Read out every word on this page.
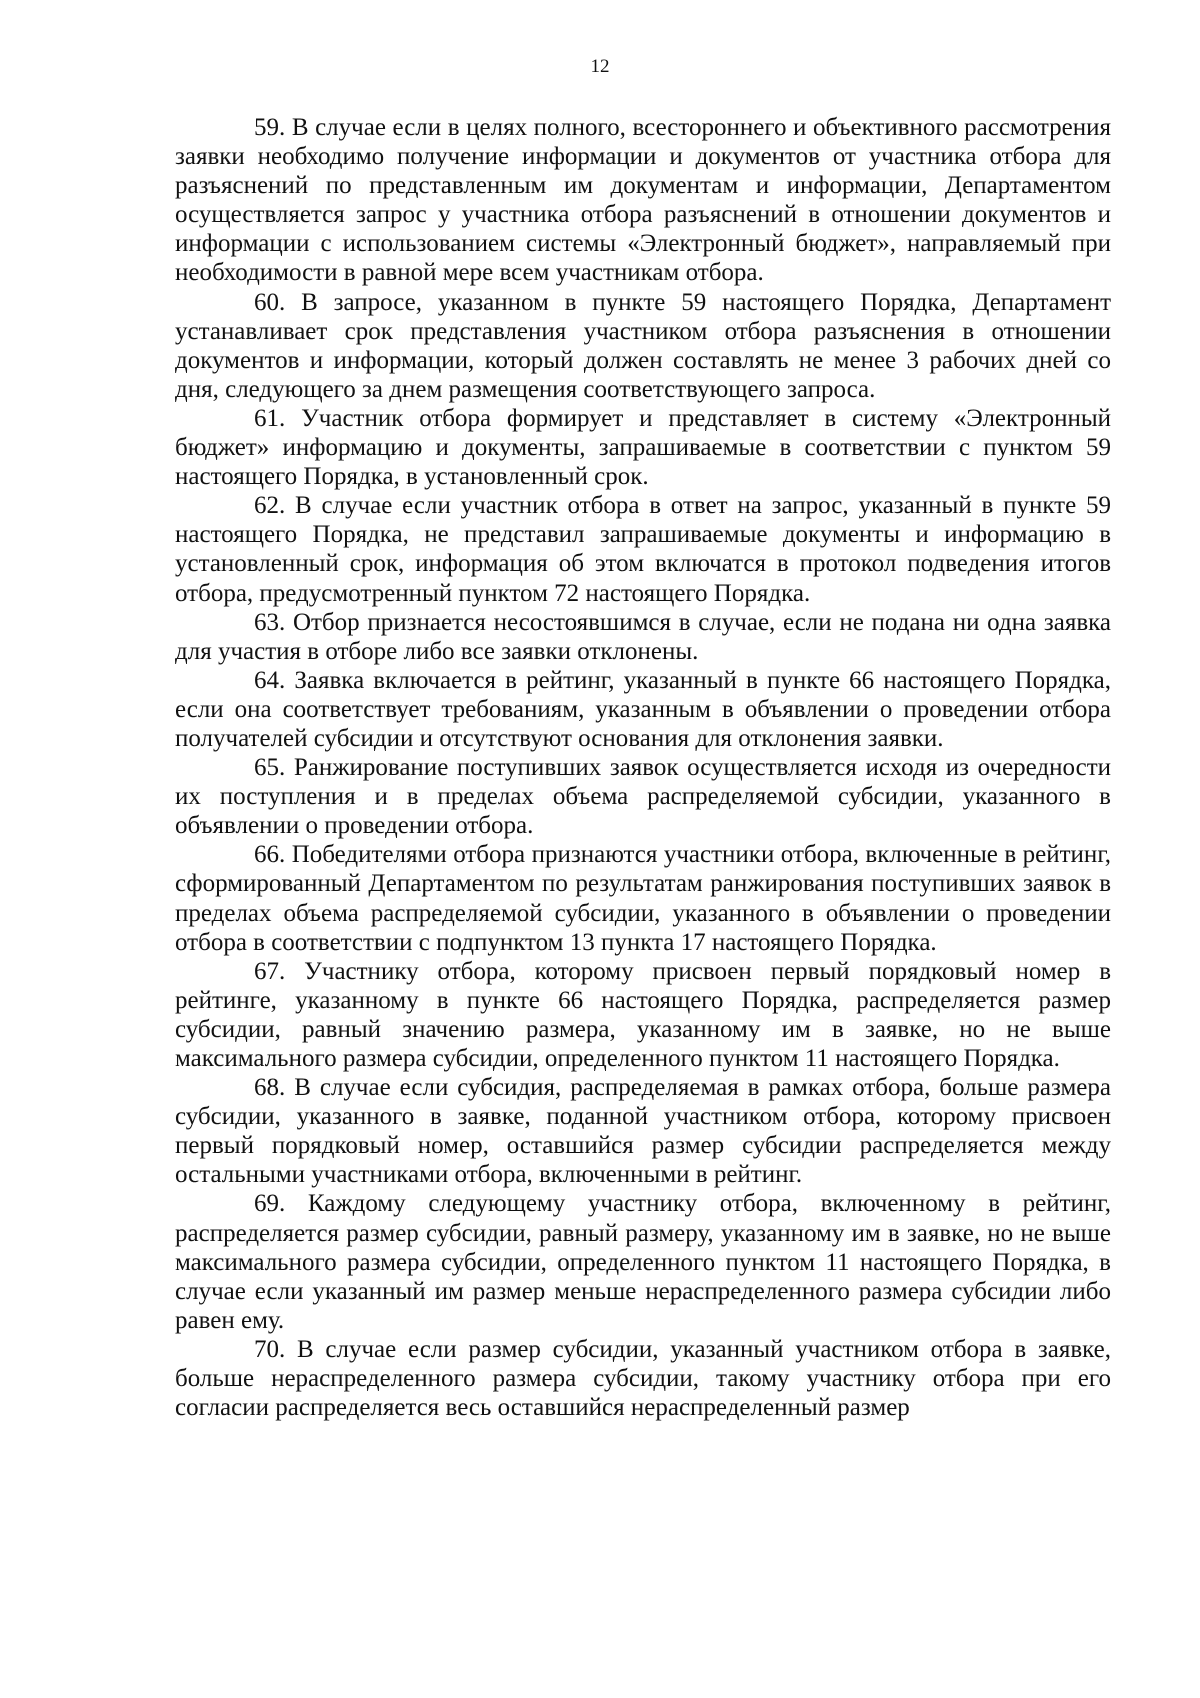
12

59. В случае если в целях полного, всестороннего и объективного рассмотрения заявки необходимо получение информации и документов от участника отбора для разъяснений по представленным им документам и информации, Департаментом осуществляется запрос у участника отбора разъяснений в отношении документов и информации с использованием системы «Электронный бюджет», направляемый при необходимости в равной мере всем участникам отбора.

60. В запросе, указанном в пункте 59 настоящего Порядка, Департамент устанавливает срок представления участником отбора разъяснения в отношении документов и информации, который должен составлять не менее 3 рабочих дней со дня, следующего за днем размещения соответствующего запроса.

61. Участник отбора формирует и представляет в систему «Электронный бюджет» информацию и документы, запрашиваемые в соответствии с пунктом 59 настоящего Порядка, в установленный срок.

62. В случае если участник отбора в ответ на запрос, указанный в пункте 59 настоящего Порядка, не представил запрашиваемые документы и информацию в установленный срок, информация об этом включатся в протокол подведения итогов отбора, предусмотренный пунктом 72 настоящего Порядка.

63. Отбор признается несостоявшимся в случае, если не подана ни одна заявка для участия в отборе либо все заявки отклонены.

64. Заявка включается в рейтинг, указанный в пункте 66 настоящего Порядка, если она соответствует требованиям, указанным в объявлении о проведении отбора получателей субсидии и отсутствуют основания для отклонения заявки.

65. Ранжирование поступивших заявок осуществляется исходя из очередности их поступления и в пределах объема распределяемой субсидии, указанного в объявлении о проведении отбора.

66. Победителями отбора признаются участники отбора, включенные в рейтинг, сформированный Департаментом по результатам ранжирования поступивших заявок в пределах объема распределяемой субсидии, указанного в объявлении о проведении отбора в соответствии с подпунктом 13 пункта 17 настоящего Порядка.

67. Участнику отбора, которому присвоен первый порядковый номер в рейтинге, указанному в пункте 66 настоящего Порядка, распределяется размер субсидии, равный значению размера, указанному им в заявке, но не выше максимального размера субсидии, определенного пунктом 11 настоящего Порядка.

68. В случае если субсидия, распределяемая в рамках отбора, больше размера субсидии, указанного в заявке, поданной участником отбора, которому присвоен первый порядковый номер, оставшийся размер субсидии распределяется между остальными участниками отбора, включенными в рейтинг.

69. Каждому следующему участнику отбора, включенному в рейтинг, распределяется размер субсидии, равный размеру, указанному им в заявке, но не выше максимального размера субсидии, определенного пунктом 11 настоящего Порядка, в случае если указанный им размер меньше нераспределенного размера субсидии либо равен ему.

70. В случае если размер субсидии, указанный участником отбора в заявке, больше нераспределенного размера субсидии, такому участнику отбора при его согласии распределяется весь оставшийся нераспределенный размер
